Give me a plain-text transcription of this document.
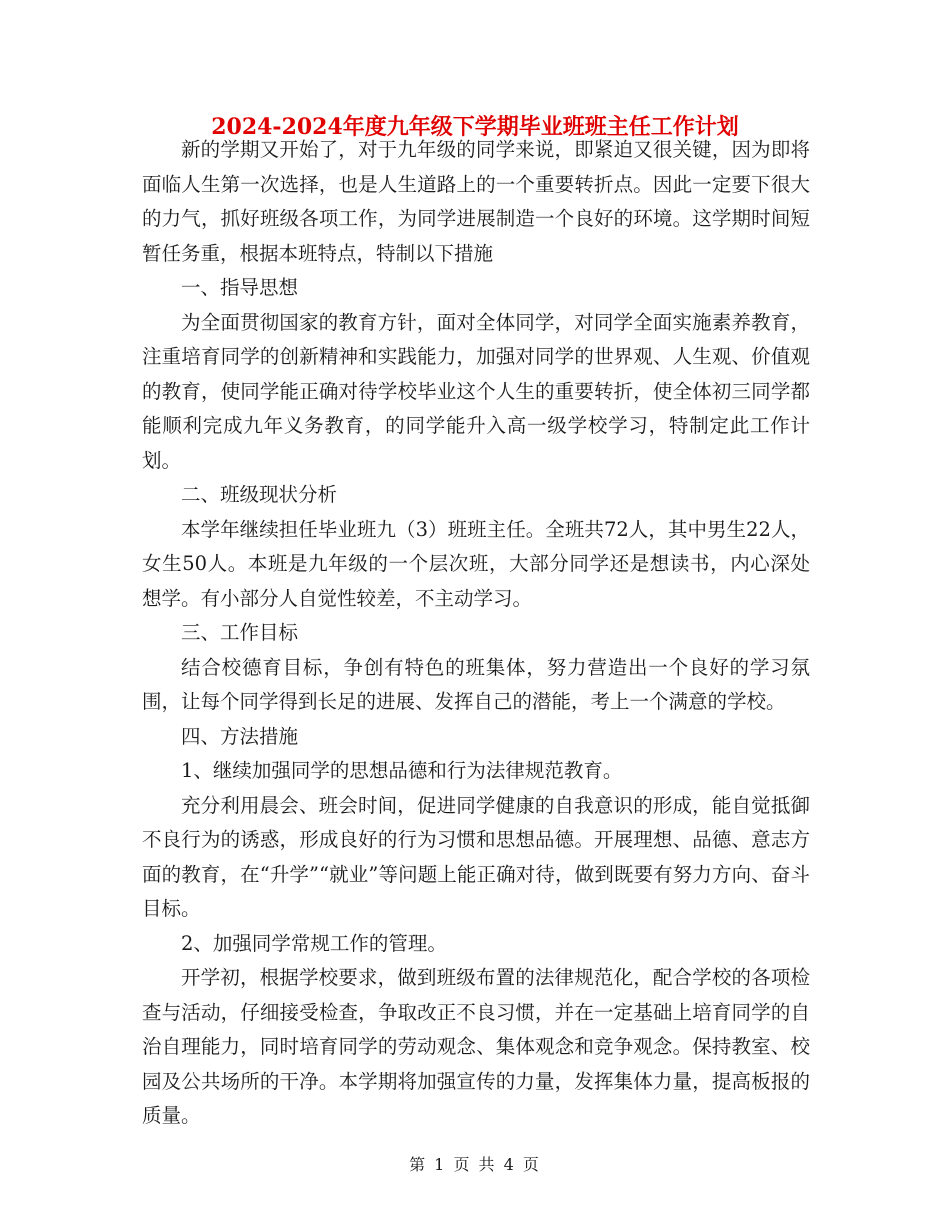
2024-2024年度九年级下学期毕业班班主任工作计划

新的学期又开始了，对于九年级的同学来说，即紧迫又很关键，因为即将面临人生第一次选择，也是人生道路上的一个重要转折点。因此一定要下很大的力气，抓好班级各项工作，为同学进展制造一个良好的环境。这学期时间短暂任务重，根据本班特点，特制以下措施

一、指导思想

为全面贯彻国家的教育方针，面对全体同学，对同学全面实施素养教育，注重培育同学的创新精神和实践能力，加强对同学的世界观、人生观、价值观的教育，使同学能正确对待学校毕业这个人生的重要转折，使全体初三同学都能顺利完成九年义务教育，的同学能升入高一级学校学习，特制定此工作计划。

二、班级现状分析

本学年继续担任毕业班九（3）班班主任。全班共72人，其中男生22人，女生50人。本班是九年级的一个层次班，大部分同学还是想读书，内心深处想学。有小部分人自觉性较差，不主动学习。

三、工作目标

结合校德育目标，争创有特色的班集体，努力营造出一个良好的学习氛围，让每个同学得到长足的进展、发挥自己的潜能，考上一个满意的学校。

四、方法措施

1、继续加强同学的思想品德和行为法律规范教育。

充分利用晨会、班会时间，促进同学健康的自我意识的形成，能自觉抵御不良行为的诱惑，形成良好的行为习惯和思想品德。开展理想、品德、意志方面的教育，在“升学”“就业”等问题上能正确对待，做到既要有努力方向、奋斗目标。

2、加强同学常规工作的管理。

开学初，根据学校要求，做到班级布置的法律规范化，配合学校的各项检查与活动，仔细接受检查，争取改正不良习惯，并在一定基础上培育同学的自治自理能力，同时培育同学的劳动观念、集体观念和竞争观念。保持教室、校园及公共场所的干净。本学期将加强宣传的力量，发挥集体力量，提高板报的质量。

第 1 页 共 4 页
